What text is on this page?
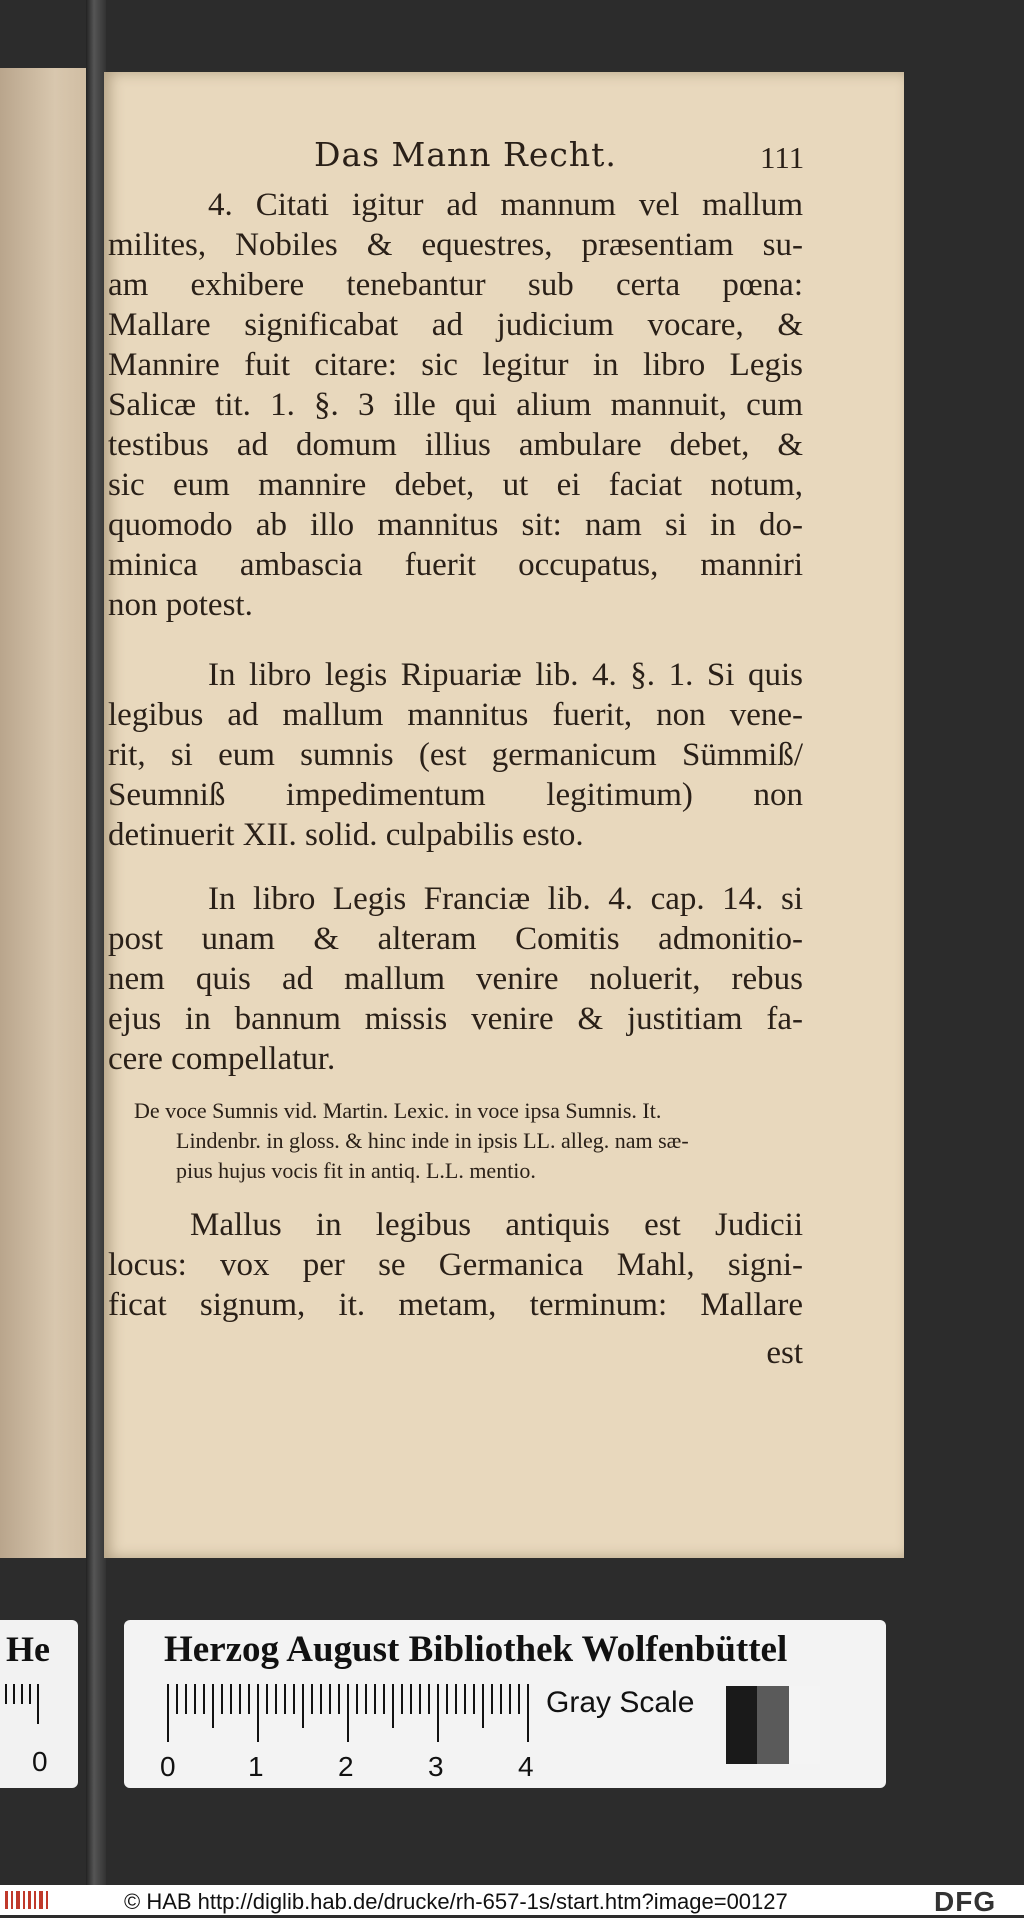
He
0
Das Mann Recht.	111
4. Citati igitur ad mannum vel mallum
milites, Nobiles & equestres, præsentiam su-
am exhibere tenebantur sub certa pœna:
Mallare significabat ad judicium vocare, &
Mannire fuit citare: sic legitur in libro Legis
Salicæ tit. 1. §. 3 ille qui alium mannuit, cum
testibus ad domum illius ambulare debet, &
sic eum mannire debet, ut ei faciat notum,
quomodo ab illo mannitus sit: nam si in do-
minica ambascia fuerit occupatus, manniri
non potest.
In libro legis Ripuariæ lib. 4. §. 1. Si quis
legibus ad mallum mannitus fuerit, non vene-
rit, si eum sumnis (est germanicum Sümmiß/
Seumniß impedimentum legitimum) non
detinuerit XII. solid. culpabilis esto.
In libro Legis Franciæ lib. 4. cap. 14. si
post unam & alteram Comitis admonitio-
nem quis ad mallum venire noluerit, rebus
ejus in bannum missis venire & justitiam fa-
cere compellatur.
De voce Sumnis vid. Martin. Lexic. in voce ipsa Sumnis. It.
Lindenbr. in gloss. & hinc inde in ipsis LL. alleg. nam sæ-
pius hujus vocis fit in antiq. L.L. mentio.
Mallus in legibus antiquis est Judicii
locus: vox per se Germanica Mahl, signi-
ficat signum, it. metam, terminum: Mallare
est
Herzog August Bibliothek Wolfenbüttel
0	1	2	3	4
Gray Scale
© HAB http://diglib.hab.de/drucke/rh-657-1s/start.htm?image=00127	DFG
